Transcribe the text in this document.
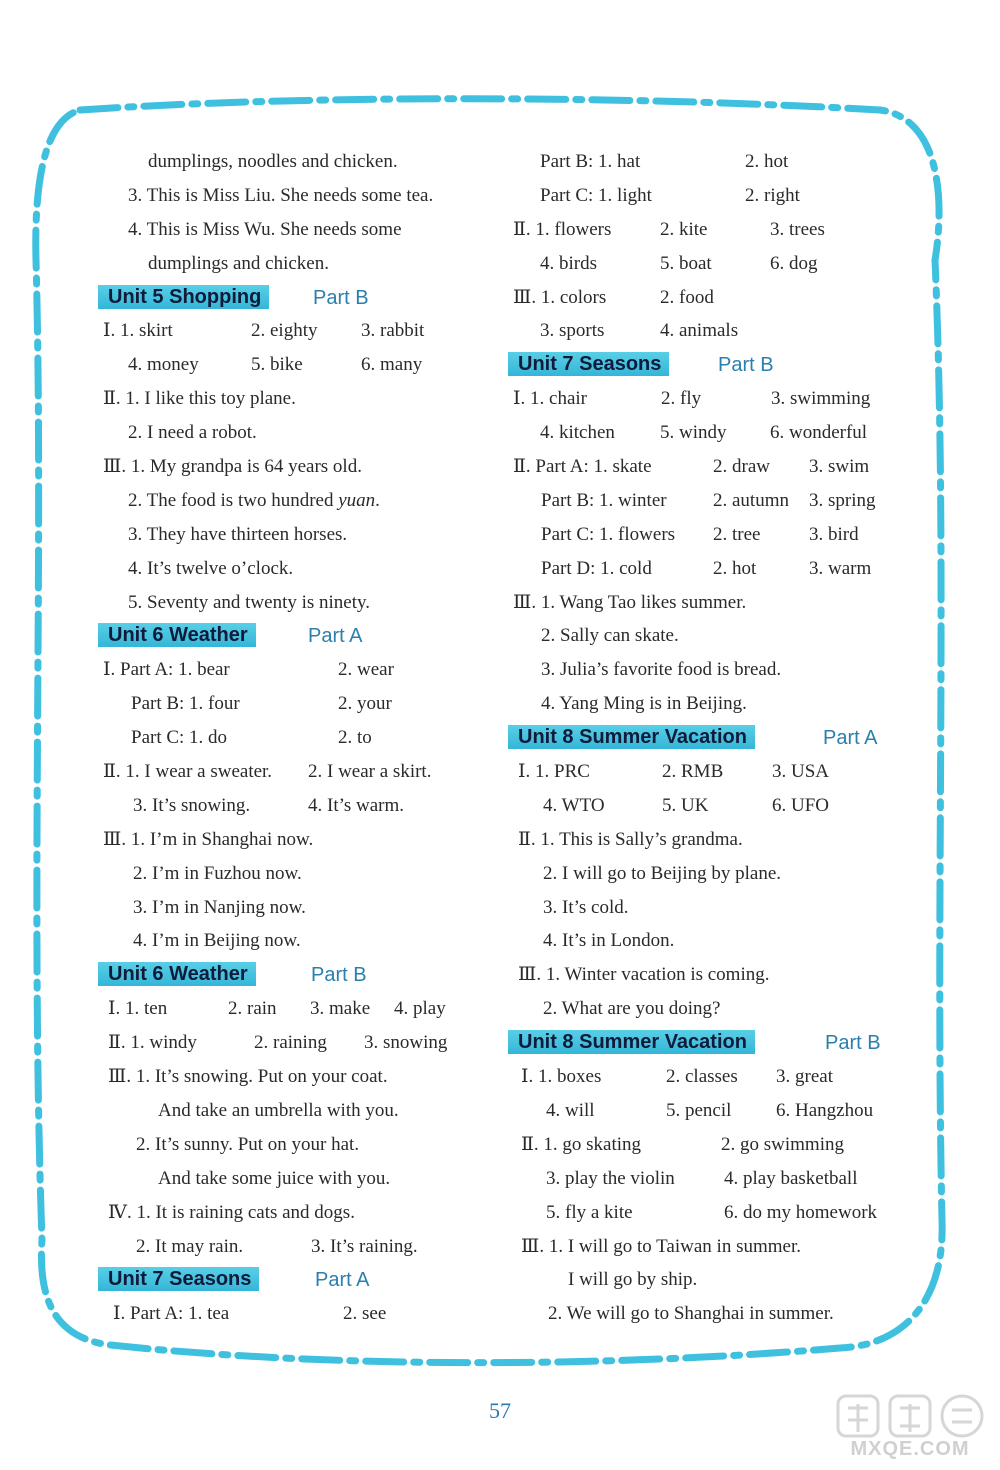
dumplings, noodles and chicken.
3. This is Miss Liu. She needs some tea.
4. This is Miss Wu. She needs some
dumplings and chicken.
Unit 5 Shopping	Part B
Ⅰ. 1. skirt	2. eighty 3. rabbit
4. money	5. bike	6. many
Ⅱ. 1. I like this toy plane.
2. I need a robot.
Ⅲ. 1. My grandpa is 64 years old.
2. The food is two hundred yuan.
3. They have thirteen horses.
4. It’s twelve o’clock.
5. Seventy and twenty is ninety.
Unit 6 Weather	Part A
Ⅰ. Part A: 1. bear	2. wear
Part B: 1. four	2. your
Part C: 1. do	2. to
Ⅱ. 1. I wear a sweater. 2. I wear a skirt.
3. It’s snowing.	4. It’s warm.
Ⅲ. 1. I’m in Shanghai now.
2. I’m in Fuzhou now.
3. I’m in Nanjing now.
4. I’m in Beijing now.
Unit 6 Weather	Part B
Ⅰ. 1. ten	2. rain 3. make 4. play
Ⅱ. 1. windy	2. raining 3. snowing
Ⅲ. 1. It’s snowing. Put on your coat.
And take an umbrella with you.
2. It’s sunny. Put on your hat.
And take some juice with you.
Ⅳ. 1. It is raining cats and dogs.
2. It may rain.	3. It’s raining.
Unit 7 Seasons	Part A
Ⅰ. Part A: 1. tea	2. see
Part B: 1. hat	2. hot
Part C: 1. light	2. right
Ⅱ. 1. flowers	2. kite	3. trees
4. birds	5. boat	6. dog
Ⅲ. 1. colors	2. food
3. sports	4. animals
Unit 7 Seasons	Part B
Ⅰ. 1. chair	2. fly	3. swimming
4. kitchen 5. windy 6. wonderful
Ⅱ. Part A: 1. skate	2. draw 3. swim
Part B: 1. winter 2. autumn 3. spring
Part C: 1. flowers 2. tree	3. bird
Part D: 1. cold	2. hot	3. warm
Ⅲ. 1. Wang Tao likes summer.
2. Sally can skate.
3. Julia’s favorite food is bread.
4. Yang Ming is in Beijing.
Unit 8 Summer Vacation	Part A
Ⅰ. 1. PRC	2. RMB	3. USA
4. WTO	5. UK	6. UFO
Ⅱ. 1. This is Sally’s grandma.
2. I will go to Beijing by plane.
3. It’s cold.
4. It’s in London.
Ⅲ. 1. Winter vacation is coming.
2. What are you doing?
Unit 8 Summer Vacation	Part B
Ⅰ. 1. boxes	2. classes 3. great
4. will	5. pencil 6. Hangzhou
Ⅱ. 1. go skating	2. go swimming
3. play the violin	4. play basketball
5. fly a kite	6. do my homework
Ⅲ. 1. I will go to Taiwan in summer.
I will go by ship.
2. We will go to Shanghai in summer.
57
MXQE.COM
